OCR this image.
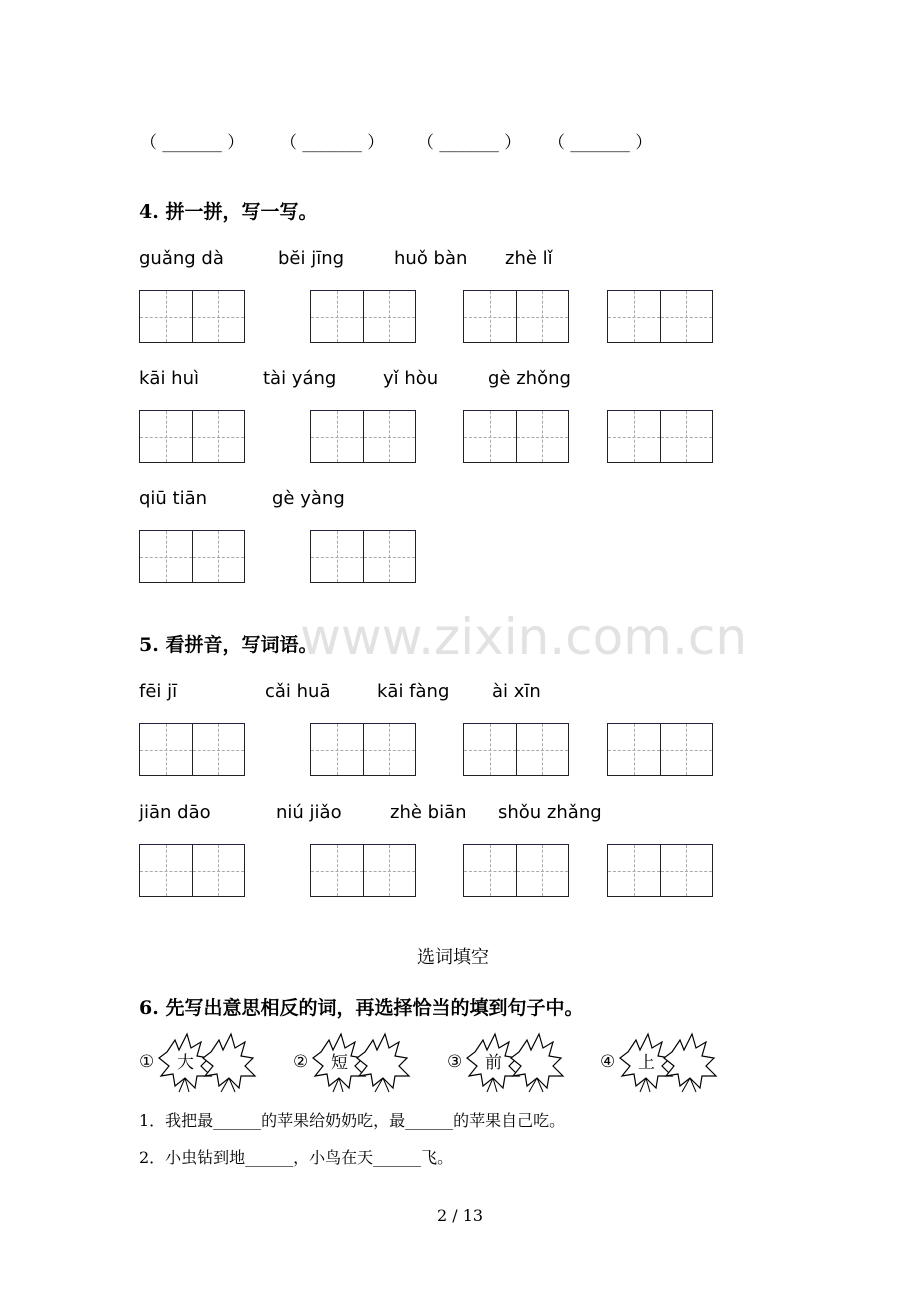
www.zixin.com.cn
（ _______ ） （ _______ ） （ _______ ） （ _______ ）
4. 拼一拼，写一写。
5. 看拼音，写词语。
选词填空
6. 先写出意思相反的词，再选择恰当的填到句子中。
1．我把最______的苹果给奶奶吃，最______的苹果自己吃。
2．小虫钻到地______，小鸟在天______飞。
2 / 13
guǎng dà	bĕi jīng	huǒ bàn zhè lǐ
kāi huì	tài yáng	yǐ hòu	gè zhǒng
qiū tiān	gè yàng
fēi jī	cǎi huā	kāi fàng ài xīn
jiān dāo	niú jiǎo	zhè biān shǒu zhǎng
① 大	② 短	③ 前	④ 上
